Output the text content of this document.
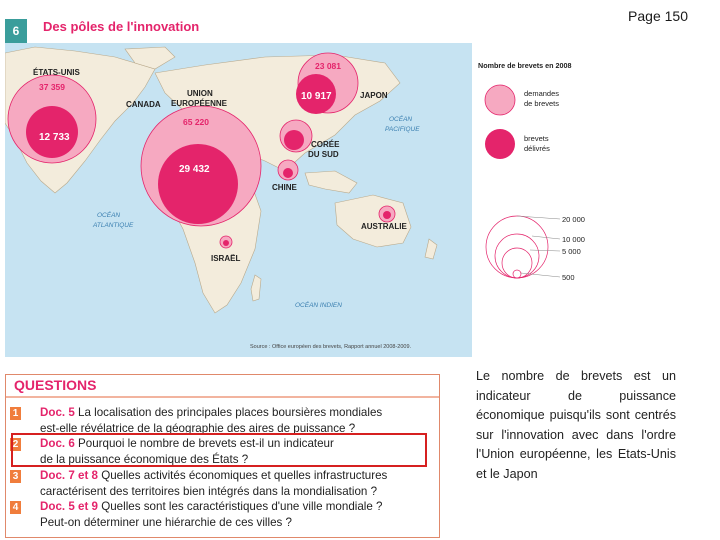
Page 150
6	Des pôles de l'innovation
OCÉAN
PACIFIQUE
OCÉAN
ATLANTIQUE
OCÉAN INDIEN
ÉTATS-UNIS
CANADA
UNION
EUROPÉENNE
JAPON
CORÉE
DU SUD
CHINE
AUSTRALIE
ISRAËL
37 359
12 733
65 220
29 432
23 081
10 917
Source : Office européen des brevets, Rapport annuel 2008-2009.
Nombre de brevets en 2008
demandes
de brevets
brevets
délivrés
20 000
10 000
5 000
500
QUESTIONS
1 Doc. 5 La localisation des principales places boursières mondiales
est-elle révélatrice de la géographie des aires de puissance ?
2 Doc. 6 Pourquoi le nombre de brevets est-il un indicateur
de la puissance économique des États ?
3 Doc. 7 et 8 Quelles activités économiques et quelles infrastructures
caractérisent des territoires bien intégrés dans la mondialisation ?
4 Doc. 5 et 9 Quelles sont les caractéristiques d'une ville mondiale ?
Peut-on déterminer une hiérarchie de ces villes ?
Le nombre de brevets est un indicateur de puissance économique puisqu'ils sont centrés sur l'innovation avec dans l'ordre l'Union européenne, les Etats-Unis et le Japon
